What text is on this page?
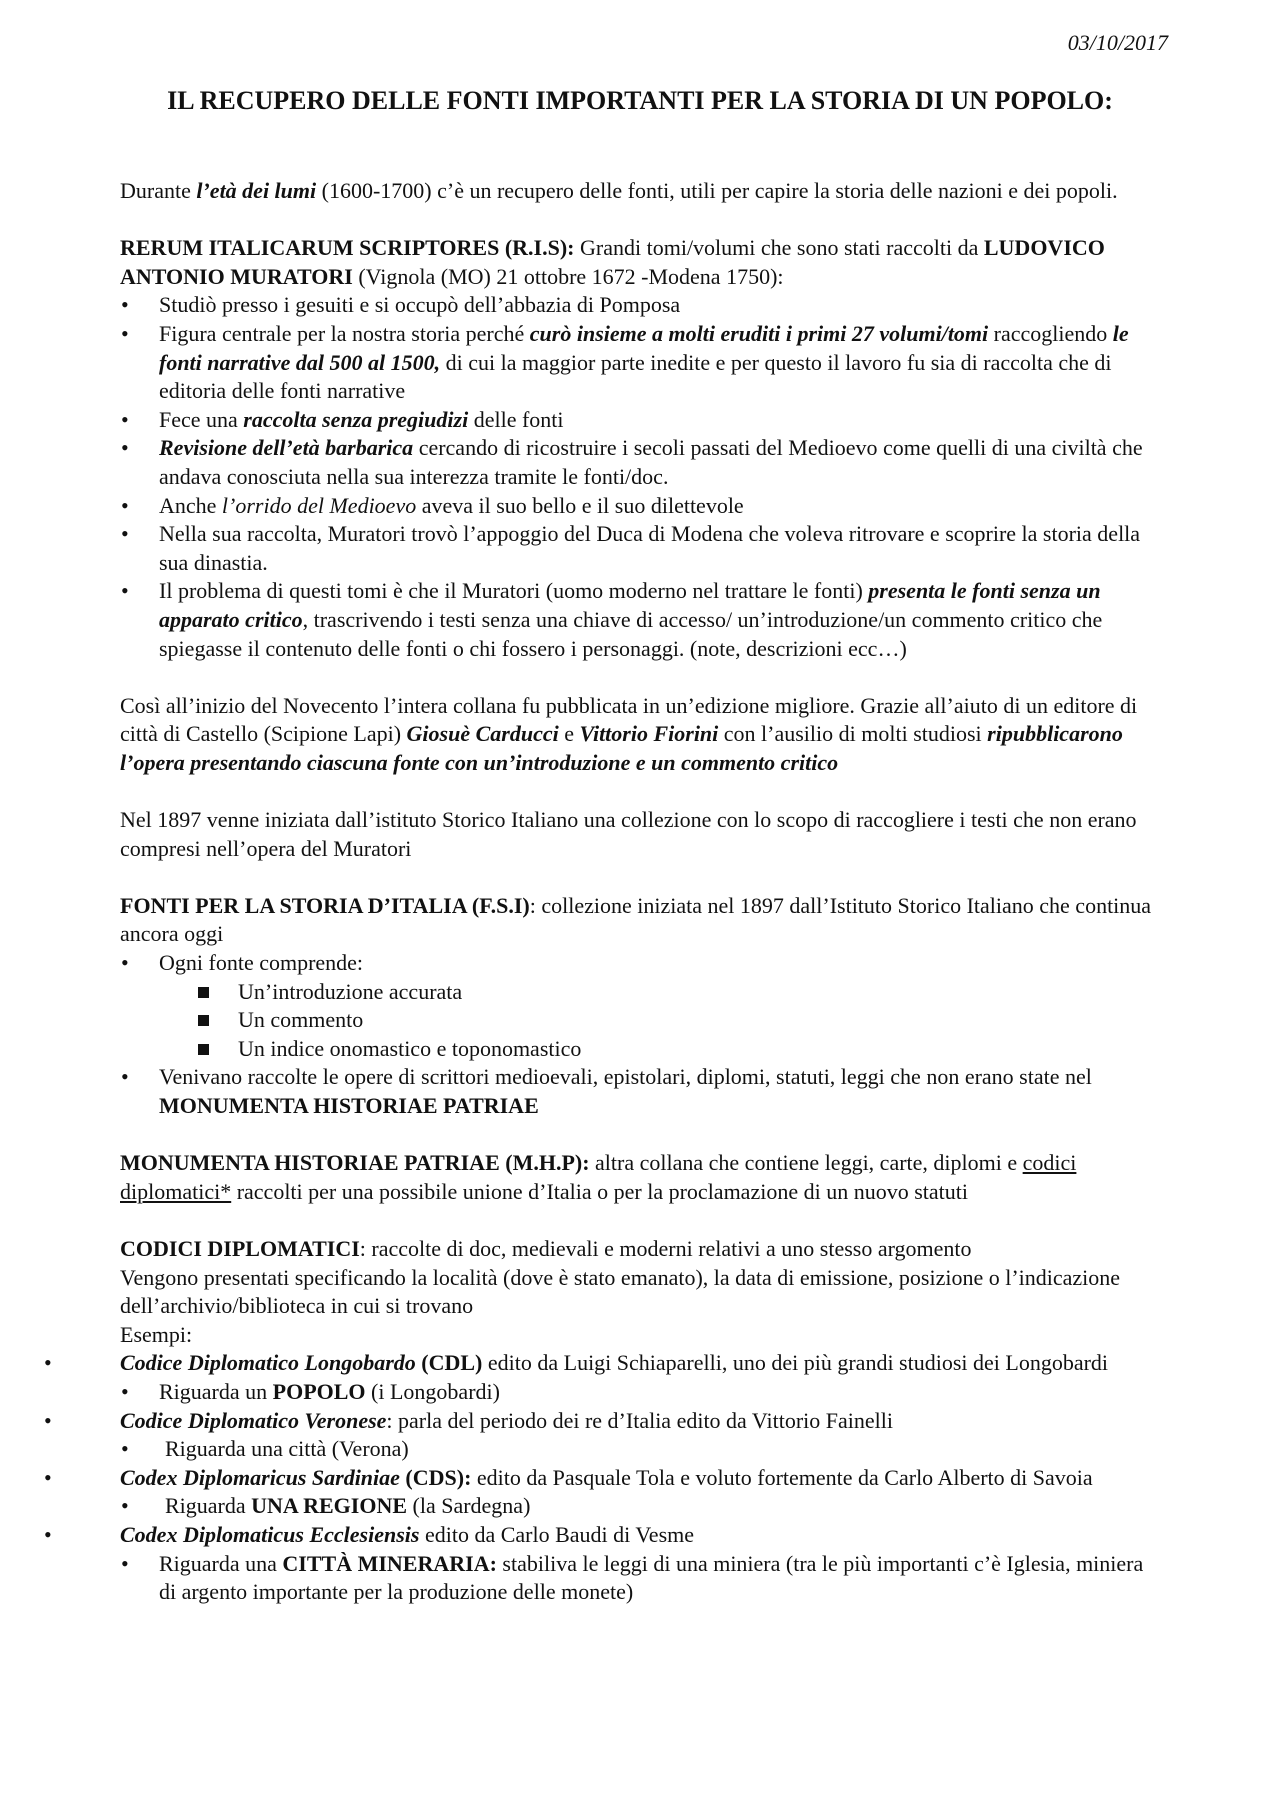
03/10/2017
IL RECUPERO DELLE FONTI IMPORTANTI PER LA STORIA DI UN POPOLO:

Durante l’età dei lumi (1600-1700) c’è un recupero delle fonti, utili per capire la storia delle nazioni e dei popoli.

RERUM ITALICARUM SCRIPTORES (R.I.S): Grandi tomi/volumi che sono stati raccolti da LUDOVICO ANTONIO MURATORI (Vignola (MO) 21 ottobre 1672 -Modena 1750):

• Studiò presso i gesuiti e si occupò dell’abbazia di Pomposa
• Figura centrale per la nostra storia perché curò insieme a molti eruditi i primi 27 volumi/tomi raccogliendo le fonti narrative dal 500 al 1500, di cui la maggior parte inedite e per questo il lavoro fu sia di raccolta che di editoria delle fonti narrative
• Fece una raccolta senza pregiudizi delle fonti
• Revisione dell’età barbarica cercando di ricostruire i secoli passati del Medioevo come quelli di una civiltà che andava conosciuta nella sua interezza tramite le fonti/doc.
• Anche l’orrido del Medioevo aveva il suo bello e il suo dilettevole
• Nella sua raccolta, Muratori trovò l’appoggio del Duca di Modena che voleva ritrovare e scoprire la storia della sua dinastia.
• Il problema di questi tomi è che il Muratori (uomo moderno nel trattare le fonti) presenta le fonti senza un apparato critico, trascrivendo i testi senza una chiave di accesso/ un’introduzione/un commento critico che spiegasse il contenuto delle fonti o chi fossero i personaggi. (note, descrizioni ecc…)

Così all’inizio del Novecento l’intera collana fu pubblicata in un’edizione migliore. Grazie all’aiuto di un editore di città di Castello (Scipione Lapi) Giosuè Carducci e Vittorio Fiorini con l’ausilio di molti studiosi ripubblicarono l’opera presentando ciascuna fonte con un’introduzione e un commento critico

Nel 1897 venne iniziata dall’istituto Storico Italiano una collezione con lo scopo di raccogliere i testi che non erano compresi nell’opera del Muratori

FONTI PER LA STORIA D’ITALIA (F.S.I): collezione iniziata nel 1897 dall’Istituto Storico Italiano che continua ancora oggi

• Ogni fonte comprende:
Un’introduzione accurata
Un commento
Un indice onomastico e toponomastico
• Venivano raccolte le opere di scrittori medioevali, epistolari, diplomi, statuti, leggi che non erano state nel MONUMENTA HISTORIAE PATRIAE

MONUMENTA HISTORIAE PATRIAE (M.H.P): altra collana che contiene leggi, carte, diplomi e codici diplomatici* raccolti per una possibile unione d’Italia o per la proclamazione di un nuovo statuti

CODICI DIPLOMATICI: raccolte di doc, medievali e moderni relativi a uno stesso argomento

Vengono presentati specificando la località (dove è stato emanato), la data di emissione, posizione o l’indicazione dell’archivio/biblioteca in cui si trovano

Esempi:

•	Codice Diplomatico Longobardo (CDL) edito da Luigi Schiaparelli, uno dei più grandi studiosi dei Longobardi
• Riguarda un POPOLO (i Longobardi)
•	Codice Diplomatico Veronese: parla del periodo dei re d’Italia edito da Vittorio Fainelli
• Riguarda una città (Verona)
•	Codex Diplomaricus Sardiniae (CDS): edito da Pasquale Tola e voluto fortemente da Carlo Alberto di Savoia
• Riguarda UNA REGIONE (la Sardegna)
•	Codex Diplomaticus Ecclesiensis edito da Carlo Baudi di Vesme
• Riguarda una CITTÀ MINERARIA: stabiliva le leggi di una miniera (tra le più importanti c’è Iglesia, miniera di argento importante per la produzione delle monete)
